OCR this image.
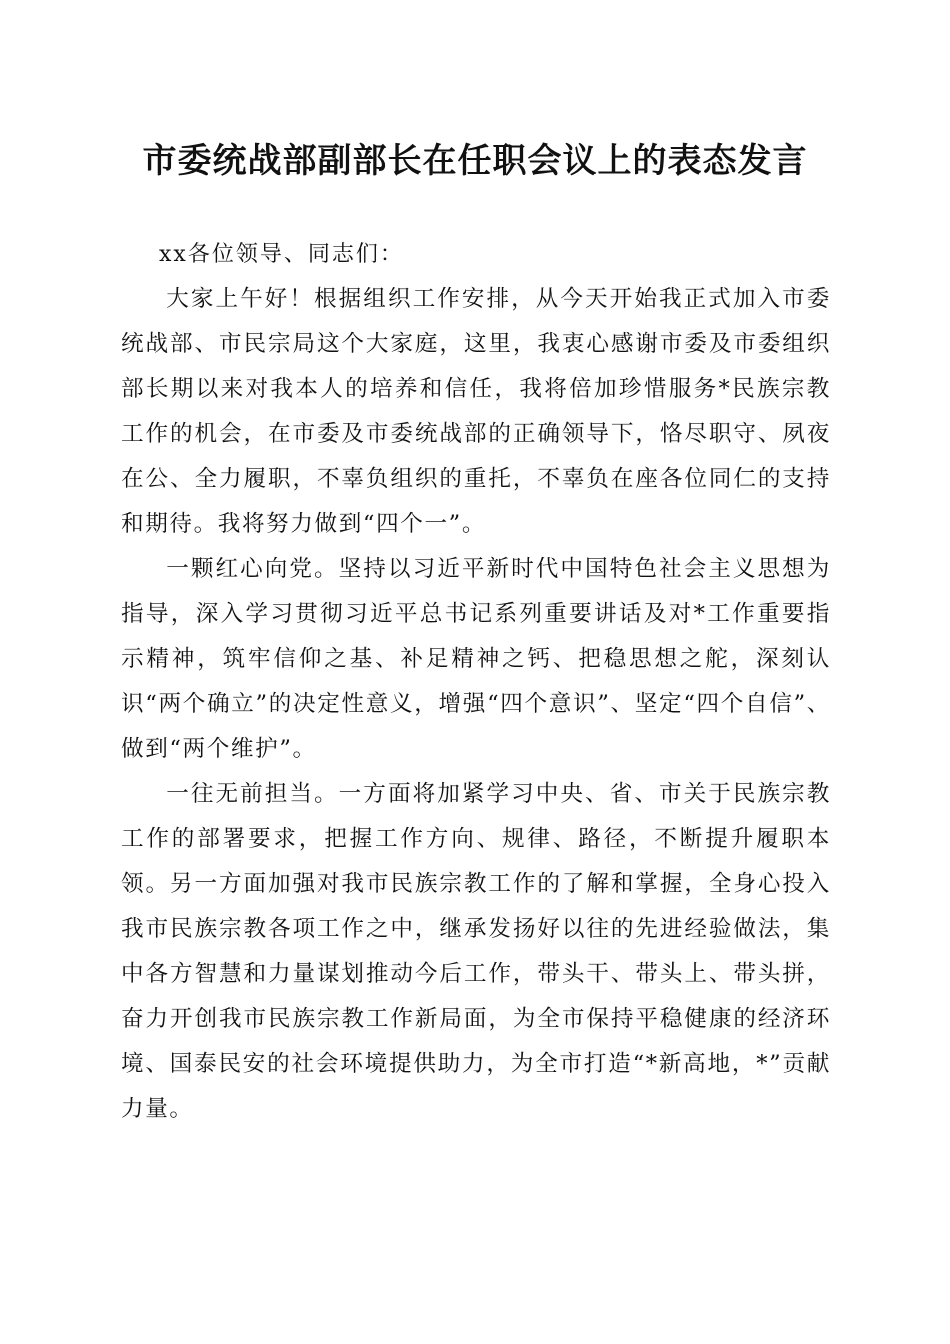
市委统战部副部长在任职会议上的表态发言

xx各位领导、同志们：

大家上午好！根据组织工作安排，从今天开始我正式加入市委统战部、市民宗局这个大家庭，这里，我衷心感谢市委及市委组织部长期以来对我本人的培养和信任，我将倍加珍惜服务*民族宗教工作的机会，在市委及市委统战部的正确领导下，恪尽职守、夙夜在公、全力履职，不辜负组织的重托，不辜负在座各位同仁的支持和期待。我将努力做到“四个一”。

一颗红心向党。坚持以习近平新时代中国特色社会主义思想为指导，深入学习贯彻习近平总书记系列重要讲话及对*工作重要指示精神，筑牢信仰之基、补足精神之钙、把稳思想之舵，深刻认识“两个确立”的决定性意义，增强“四个意识”、坚定“四个自信”、做到“两个维护”。

一往无前担当。一方面将加紧学习中央、省、市关于民族宗教工作的部署要求，把握工作方向、规律、路径，不断提升履职本领。另一方面加强对我市民族宗教工作的了解和掌握，全身心投入我市民族宗教各项工作之中，继承发扬好以往的先进经验做法，集中各方智慧和力量谋划推动今后工作，带头干、带头上、带头拼，奋力开创我市民族宗教工作新局面，为全市保持平稳健康的经济环境、国泰民安的社会环境提供助力，为全市打造“*新高地，*”贡献力量。
